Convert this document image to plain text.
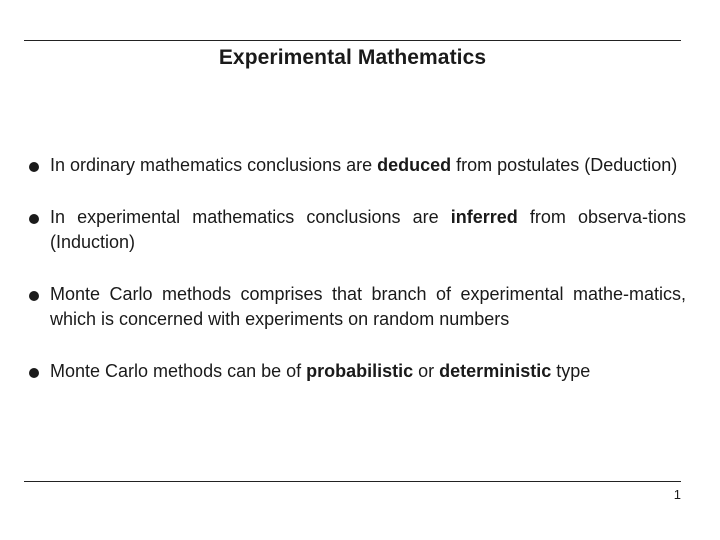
Experimental Mathematics
In ordinary mathematics conclusions are deduced from postulates (Deduction)
In experimental mathematics conclusions are inferred from observa-tions (Induction)
Monte Carlo methods comprises that branch of experimental mathe-matics, which is concerned with experiments on random numbers
Monte Carlo methods can be of probabilistic or deterministic type
1
